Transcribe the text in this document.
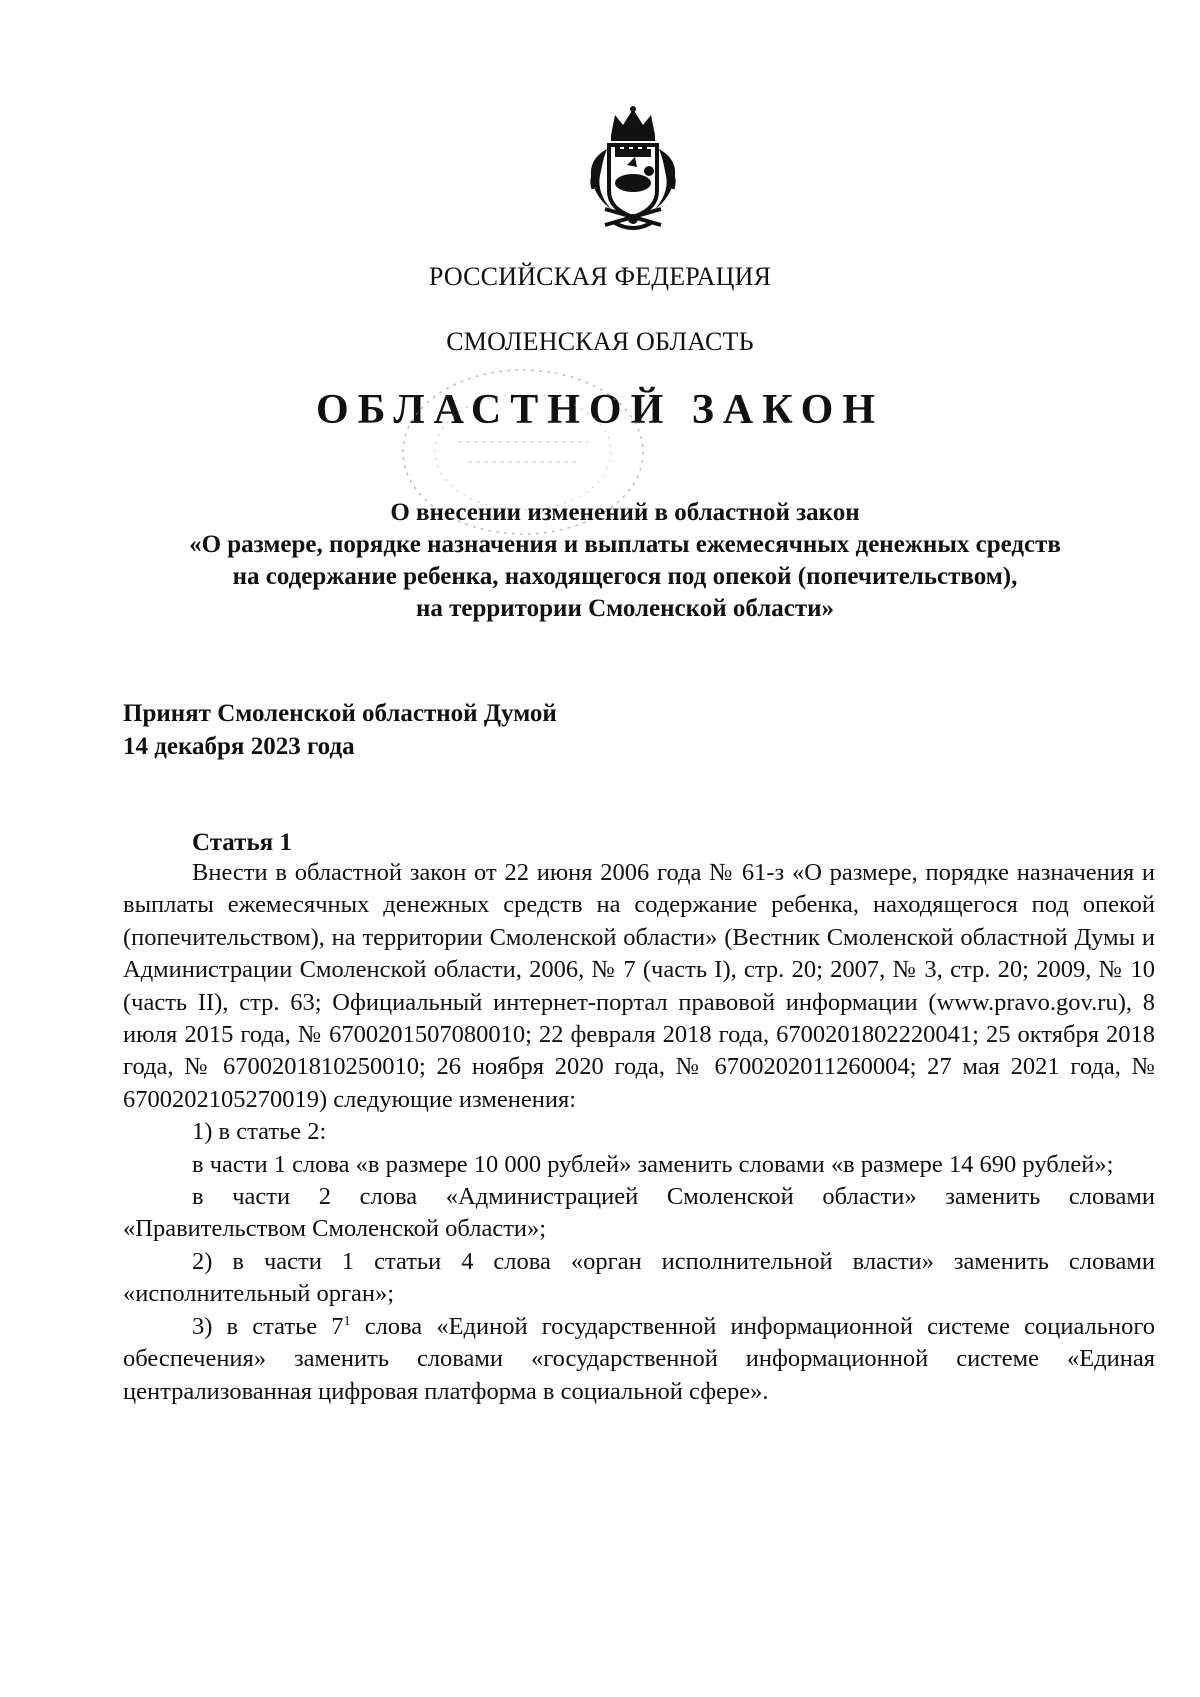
РОССИЙСКАЯ ФЕДЕРАЦИЯ
СМОЛЕНСКАЯ ОБЛАСТЬ
ОБЛАСТНОЙ ЗАКОН
О внесении изменений в областной закон
«О размере, порядке назначения и выплаты ежемесячных денежных средств
на содержание ребенка, находящегося под опекой (попечительством),
на территории Смоленской области»
Принят Смоленской областной Думой
14 декабря 2023 года
Статья 1

Внести в областной закон от 22 июня 2006 года № 61-з «О размере, порядке назначения и выплаты ежемесячных денежных средств на содержание ребенка, находящегося под опекой (попечительством), на территории Смоленской области» (Вестник Смоленской областной Думы и Администрации Смоленской области, 2006, № 7 (часть I), стр. 20; 2007, № 3, стр. 20; 2009, № 10 (часть II), стр. 63; Официальный интернет-портал правовой информации (www.pravo.gov.ru), 8 июля 2015 года, № 6700201507080010; 22 февраля 2018 года, 6700201802220041; 25 октября 2018 года, № 6700201810250010; 26 ноября 2020 года, № 6700202011260004; 27 мая 2021 года, № 6700202105270019) следующие изменения:

1) в статье 2:

в части 1 слова «в размере 10 000 рублей» заменить словами «в размере 14 690 рублей»;

в части 2 слова «Администрацией Смоленской области» заменить словами «Правительством Смоленской области»;

2) в части 1 статьи 4 слова «орган исполнительной власти» заменить словами «исполнительный орган»;

3) в статье $7^1$ слова «Единой государственной информационной системе социального обеспечения» заменить словами «государственной информационной системе «Единая централизованная цифровая платформа в социальной сфере».
